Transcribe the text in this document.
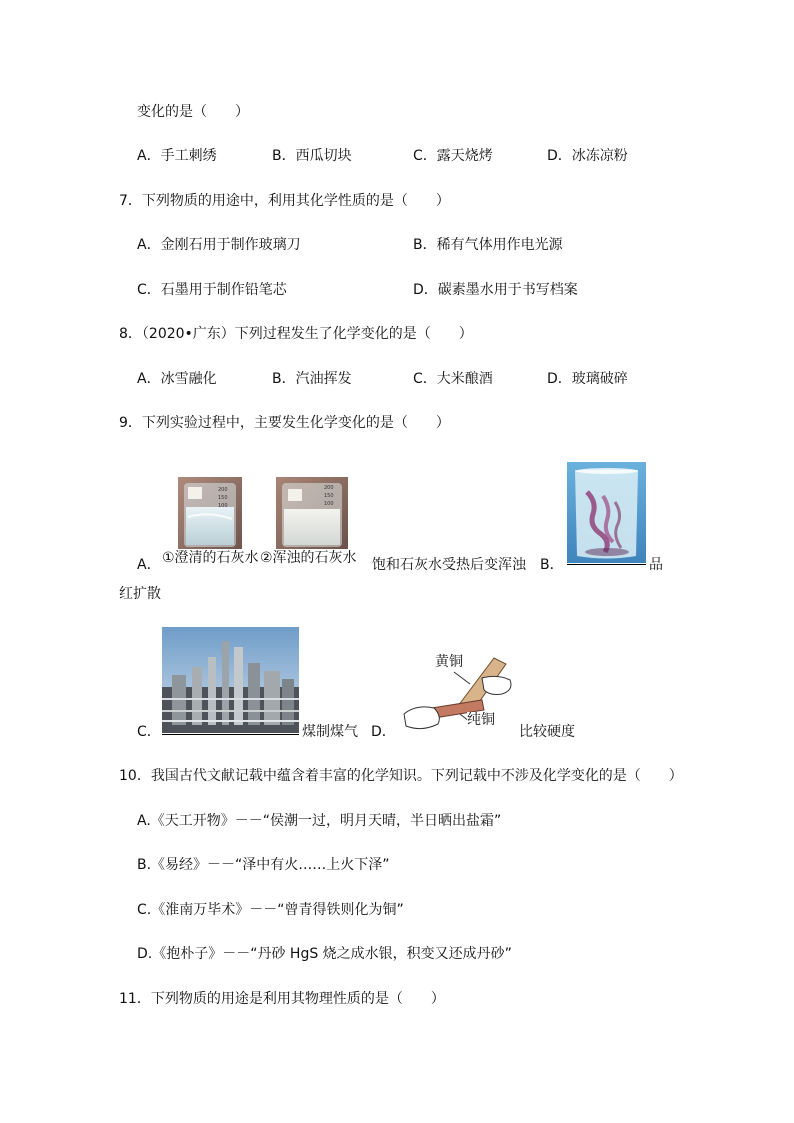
变化的是（　　）
A．手工刺绣	B．西瓜切块	C．露天烧烤	D．冰冻凉粉
7．下列物质的用途中，利用其化学性质的是（　　）
A．金刚石用于制作玻璃刀	B．稀有气体用作电光源
C．石墨用于制作铅笔芯	D．碳素墨水用于书写档案
8．（2020•广东）下列过程发生了化学变化的是（　　）
A．冰雪融化	B．汽油挥发	C．大米酿酒	D．玻璃破碎
9．下列实验过程中，主要发生化学变化的是（　　）
200
150
100
200
150
100
A． ①澄清的石灰水 ②浑浊的石灰水 饱和石灰水受热后变浑浊 B．	品
红扩散
C．	煤制煤气 D．
黄铜
纯铜
比较硬度
10．我国古代文献记载中蕴含着丰富的化学知识。下列记载中不涉及化学变化的是（　　）
A.《天工开物》－－“侯潮一过，明月天晴，半日晒出盐霜”
B.《易经》－－“泽中有火……上火下泽”
C.《淮南万毕术》－－“曾青得铁则化为铜”
D.《抱朴子》－－“丹砂 HgS 烧之成水银，积变又还成丹砂”
11．下列物质的用途是利用其物理性质的是（　　）
